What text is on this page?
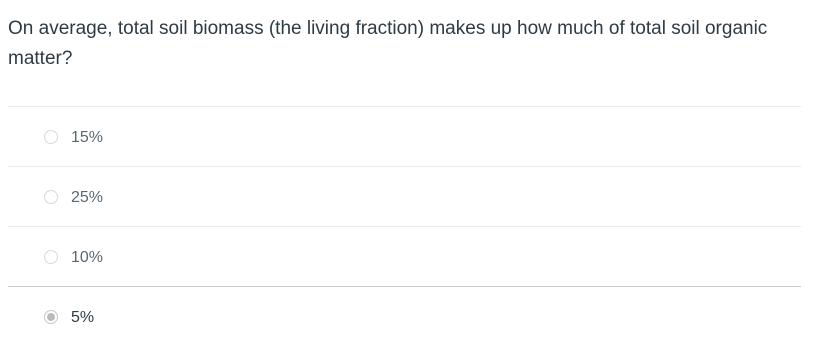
On average, total soil biomass (the living fraction) makes up how much of total soil organic matter?
15%
25%
10%
5%
